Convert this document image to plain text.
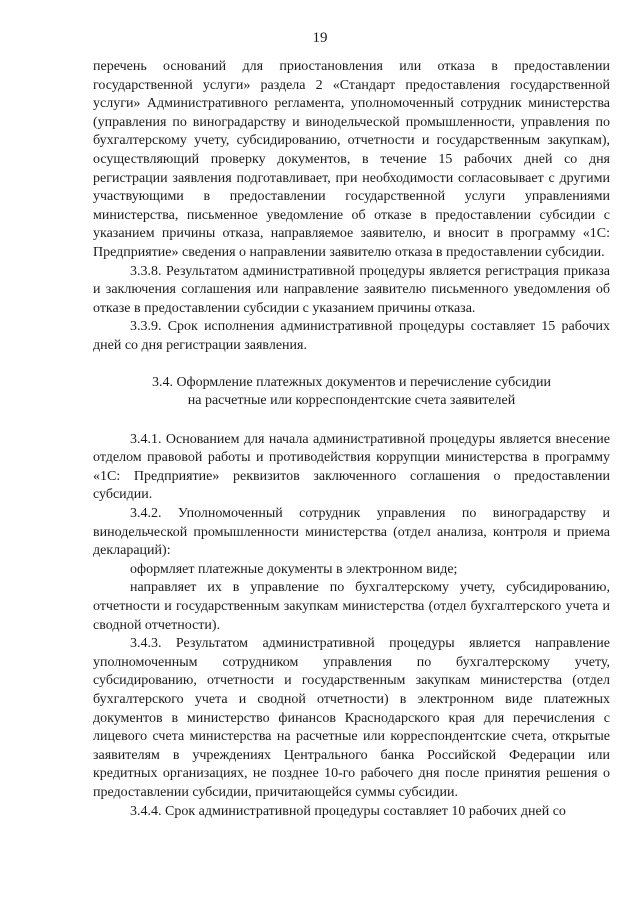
19

перечень оснований для приостановления или отказа в предоставлении государственной услуги» раздела 2 «Стандарт предоставления государственной услуги» Административного регламента, уполномоченный сотрудник министерства (управления по виноградарству и винодельческой промышленности, управления по бухгалтерскому учету, субсидированию, отчетности и государственным закупкам), осуществляющий проверку документов, в течение 15 рабочих дней со дня регистрации заявления подготавливает, при необходимости согласовывает с другими участвующими в предоставлении государственной услуги управлениями министерства, письменное уведомление об отказе в предоставлении субсидии с указанием причины отказа, направляемое заявителю, и вносит в программу «1С: Предприятие» сведения о направлении заявителю отказа в предоставлении субсидии.

3.3.8. Результатом административной процедуры является регистрация приказа и заключения соглашения или направление заявителю письменного уведомления об отказе в предоставлении субсидии с указанием причины отказа.

3.3.9. Срок исполнения административной процедуры составляет 15 рабочих дней со дня регистрации заявления.

3.4. Оформление платежных документов и перечисление субсидии
на расчетные или корреспондентские счета заявителей

3.4.1. Основанием для начала административной процедуры является внесение отделом правовой работы и противодействия коррупции министерства в программу «1С: Предприятие» реквизитов заключенного соглашения о предоставлении субсидии.

3.4.2. Уполномоченный сотрудник управления по виноградарству и винодельческой промышленности министерства (отдел анализа, контроля и приема деклараций):

оформляет платежные документы в электронном виде;

направляет их в управление по бухгалтерскому учету, субсидированию, отчетности и государственным закупкам министерства (отдел бухгалтерского учета и сводной отчетности).

3.4.3. Результатом административной процедуры является направление уполномоченным сотрудником управления по бухгалтерскому учету, субсидированию, отчетности и государственным закупкам министерства (отдел бухгалтерского учета и сводной отчетности) в электронном виде платежных документов в министерство финансов Краснодарского края для перечисления с лицевого счета министерства на расчетные или корреспондентские счета, открытые заявителям в учреждениях Центрального банка Российской Федерации или кредитных организациях, не позднее 10-го рабочего дня после принятия решения о предоставлении субсидии, причитающейся суммы субсидии.

3.4.4. Срок административной процедуры составляет 10 рабочих дней со
